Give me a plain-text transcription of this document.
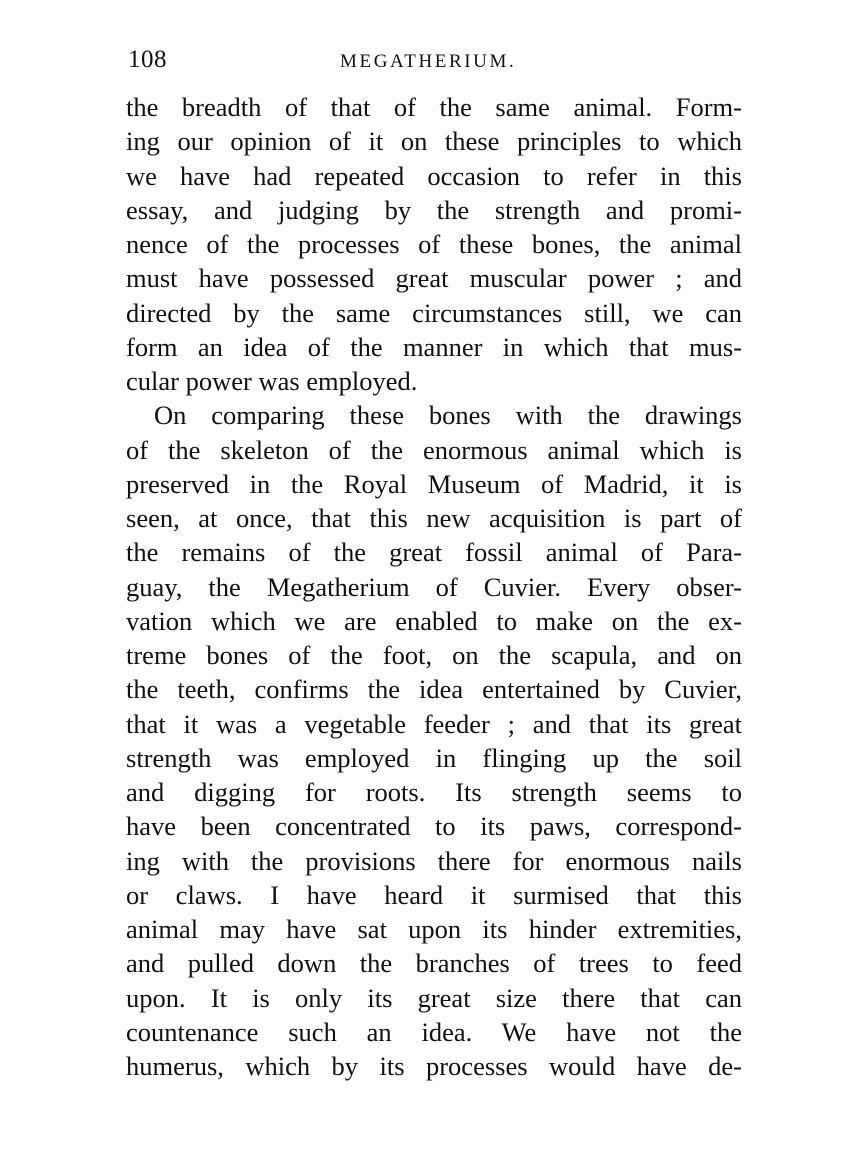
108	MEGATHERIUM.
the breadth of that of the same animal. Form-
ing our opinion of it on these principles to which
we have had repeated occasion to refer in this
essay, and judging by the strength and promi-
nence of the processes of these bones, the animal
must have possessed great muscular power ; and
directed by the same circumstances still, we can
form an idea of the manner in which that mus-
cular power was employed.
On comparing these bones with the drawings
of the skeleton of the enormous animal which is
preserved in the Royal Museum of Madrid, it is
seen, at once, that this new acquisition is part of
the remains of the great fossil animal of Para-
guay, the Megatherium of Cuvier. Every obser-
vation which we are enabled to make on the ex-
treme bones of the foot, on the scapula, and on
the teeth, confirms the idea entertained by Cuvier,
that it was a vegetable feeder ; and that its great
strength was employed in flinging up the soil
and digging for roots. Its strength seems to
have been concentrated to its paws, correspond-
ing with the provisions there for enormous nails
or claws. I have heard it surmised that this
animal may have sat upon its hinder extremities,
and pulled down the branches of trees to feed
upon. It is only its great size there that can
countenance such an idea. We have not the
humerus, which by its processes would have de-
